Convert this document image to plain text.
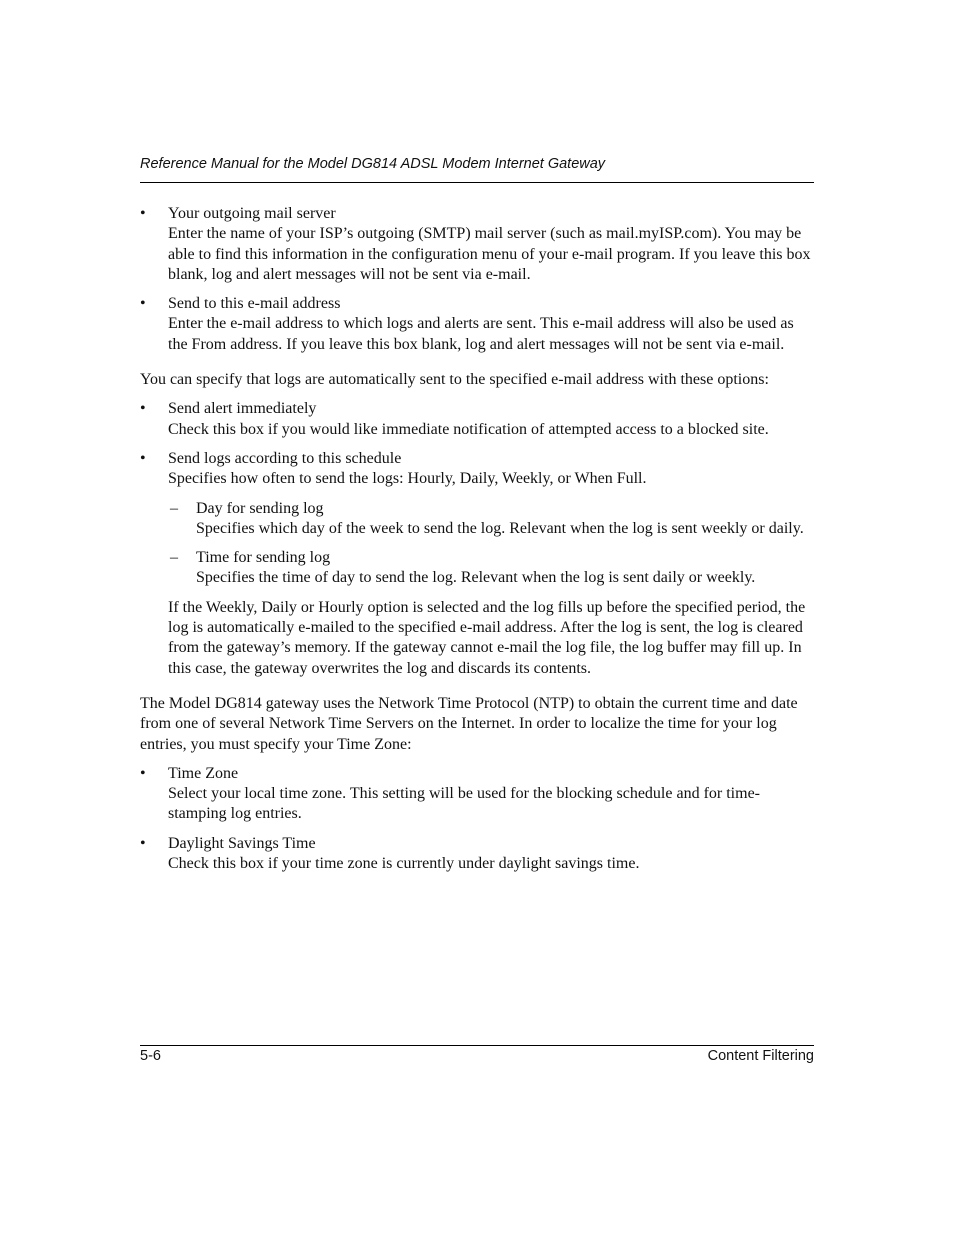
Reference Manual for the Model DG814 ADSL Modem Internet Gateway
• Your outgoing mail server
Enter the name of your ISP’s outgoing (SMTP) mail server (such as mail.myISP.com). You may be able to find this information in the configuration menu of your e-mail program. If you leave this box blank, log and alert messages will not be sent via e-mail.
• Send to this e-mail address
Enter the e-mail address to which logs and alerts are sent. This e-mail address will also be used as the From address. If you leave this box blank, log and alert messages will not be sent via e-mail.
You can specify that logs are automatically sent to the specified e-mail address with these options:
• Send alert immediately
Check this box if you would like immediate notification of attempted access to a blocked site.
• Send logs according to this schedule
Specifies how often to send the logs: Hourly, Daily, Weekly, or When Full.
– Day for sending log
Specifies which day of the week to send the log. Relevant when the log is sent weekly or daily.
– Time for sending log
Specifies the time of day to send the log. Relevant when the log is sent daily or weekly.
If the Weekly, Daily or Hourly option is selected and the log fills up before the specified period, the log is automatically e-mailed to the specified e-mail address. After the log is sent, the log is cleared from the gateway’s memory. If the gateway cannot e-mail the log file, the log buffer may fill up. In this case, the gateway overwrites the log and discards its contents.
The Model DG814 gateway uses the Network Time Protocol (NTP) to obtain the current time and date from one of several Network Time Servers on the Internet. In order to localize the time for your log entries, you must specify your Time Zone:
• Time Zone
Select your local time zone. This setting will be used for the blocking schedule and for time-stamping log entries.
• Daylight Savings Time
Check this box if your time zone is currently under daylight savings time.
5-6	Content Filtering
